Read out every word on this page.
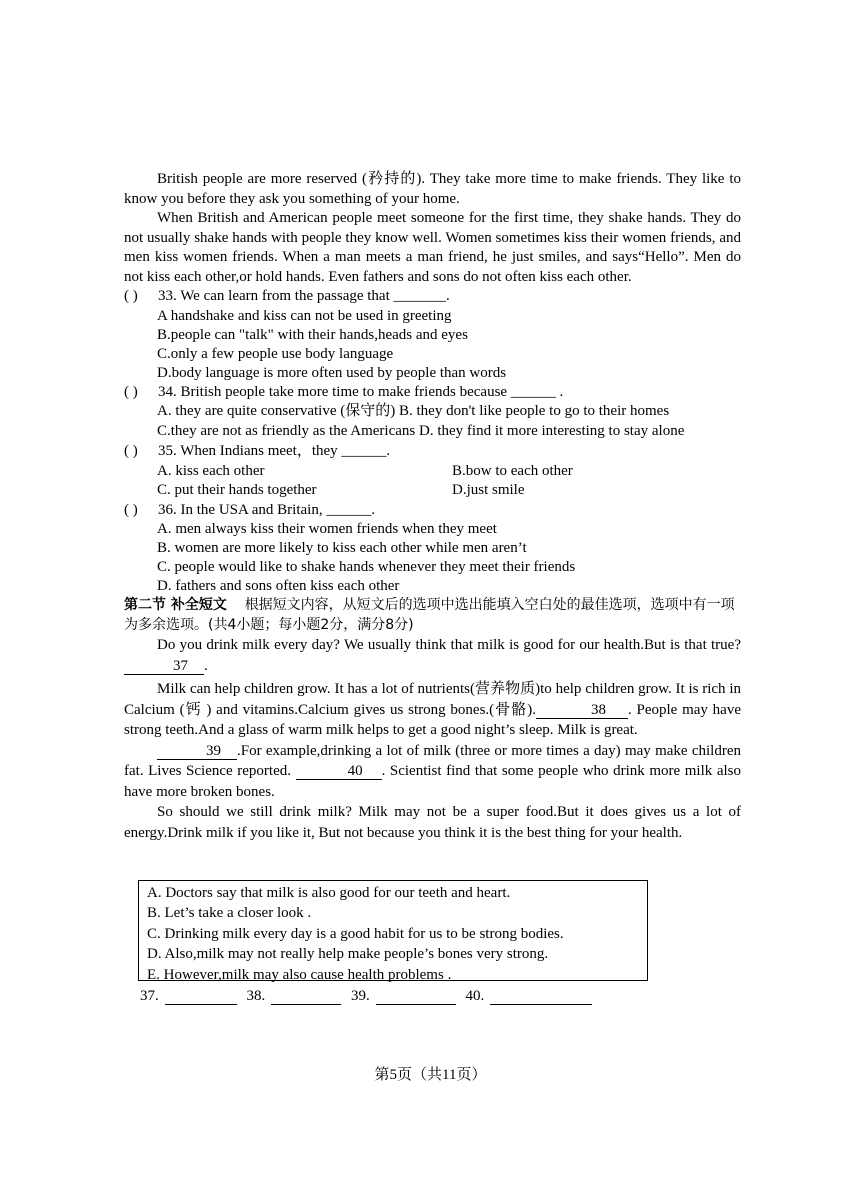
British people are more reserved (矜持的). They take more time to make friends. They like to know you before they ask you something of your home.

When British and American people meet someone for the first time, they shake hands. They do not usually shake hands with people they know well. Women sometimes kiss their women friends, and men kiss women friends. When a man meets a man friend, he just smiles, and says“Hello”. Men do not kiss each other,or hold hands. Even fathers and sons do not often kiss each other.

( )	33. We can learn from the passage that _______.
A handshake and kiss can not be used in greeting
B.people can "talk" with their hands,heads and eyes
C.only a few people use body language
D.body language is more often used by people than words
( )	34. British people take more time to make friends because ______ .
A. they are quite conservative (保守的) B. they don't like people to go to their homes
C.they are not as friendly as the Americans D. they find it more interesting to stay alone
( )	35. When Indians meet，they ______.
A. kiss each other	B.bow to each other
C. put their hands together	D.just smile
( )	36. In the USA and Britain, ______.
A. men always kiss their women friends when they meet
B. women are more likely to kiss each other while men aren’t
C. people would like to shake hands whenever they meet their friends
D. fathers and sons often kiss each other

第二节 补全短文 根据短文内容，从短文后的选项中选出能填入空白处的最佳选项，选项中有一项为多余选项。(共4小题；每小题2分，满分8分)

Do you drink milk every day? We usually think that milk is good for our health.But is that true? 37 .

Milk can help children grow. It has a lot of nutrients(营养物质)to help children grow. It is rich in Calcium (钙 ) and vitamins.Calcium gives us strong bones.(骨骼).	38 . People may have strong teeth.And a glass of warm milk helps to get a good night’s sleep. Milk is great.

39 .For example,drinking a lot of milk (three or more times a day) may make children fat. Lives Science reported.	40 . Scientist find that some people who drink more milk also have more broken bones.

So should we still drink milk? Milk may not be a super food.But it does gives us a lot of energy.Drink milk if you like it, But not because you think it is the best thing for your health.

A. Doctors say that milk is also good for our teeth and heart.
B. Let’s take a closer look .
C. Drinking milk every day is a good habit for us to be strong bodies.
D. Also,milk may not really help make people’s bones very strong.
E. However,milk may also cause health problems .
37.	38.	39.	40.
第5页（共11页）
